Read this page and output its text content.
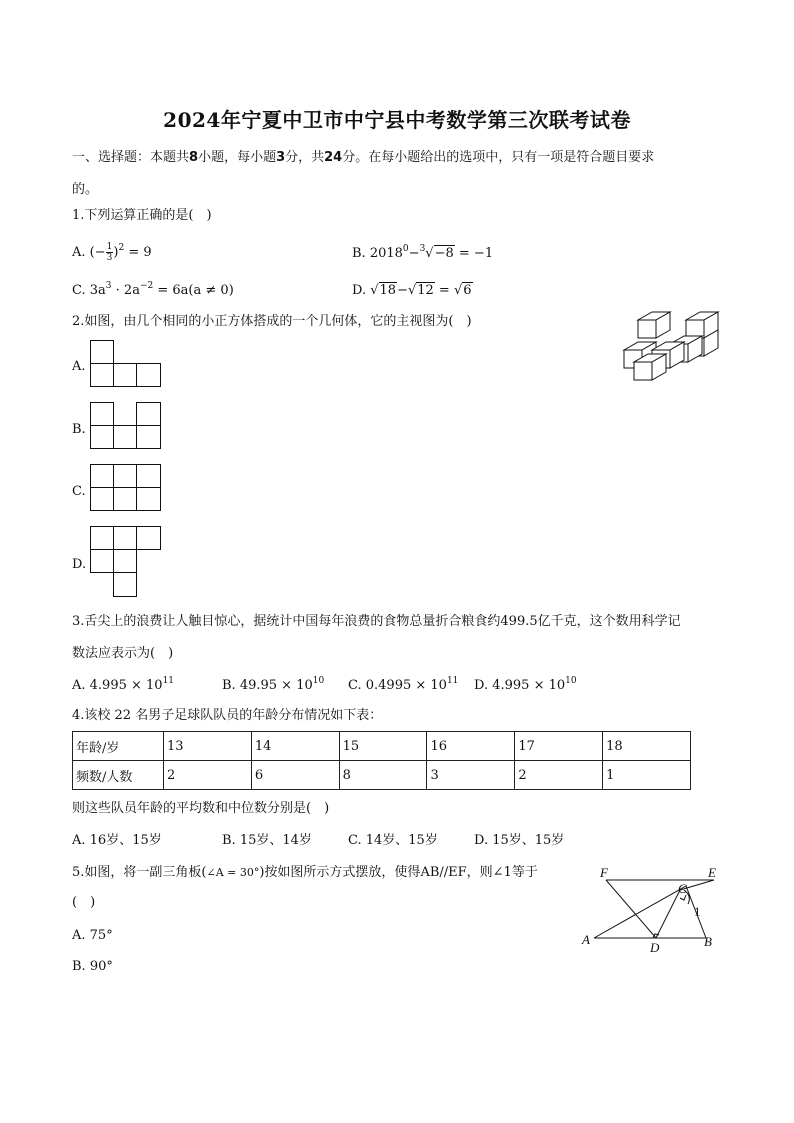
2024年宁夏中卫市中宁县中考数学第三次联考试卷
一、选择题：本题共8小题，每小题3分，共24分。在每小题给出的选项中，只有一项是符合题目要求
的。
1.下列运算正确的是(　)
A. (− $\frac{1}{3} )^2 = 9$	B. $2018^0-^3√-8 = -1$
C. $3a^3 \cdot 2a^{-2} = 6a(a \ne 0)$	D. √18−√12 = √6
2.如图，由几个相同的小正方体搭成的一个几何体，它的主视图为(　)
A.
B.
C.
D.
3.舌尖上的浪费让人触目惊心，据统计中国每年浪费的食物总量折合粮食约499.5亿千克，这个数用科学记
数法应表示为(　)
A. $4.995 \times 10^{11}$	B. $49.95 \times 10^{10}$ C. $0.4995 \times 10^{11}$ D. $4.995 \times 10^{10}$
4.该校 22 名男子足球队队员的年龄分布情况如下表：
年龄/岁	13	14	15	16	17	18
频数/人数	2	6	8	3	2	1
则这些队员年龄的平均数和中位数分别是(　)
A. 16岁、15岁	B. 15岁、14岁	C. 14岁、15岁	D. 15岁、15岁
5.如图，将一副三角板(∠A = 30°)按如图所示方式摆放，使得AB//EF，则∠1等于
(　)
A. 75°
B. 90°
F	E
C
1
A
D	B
